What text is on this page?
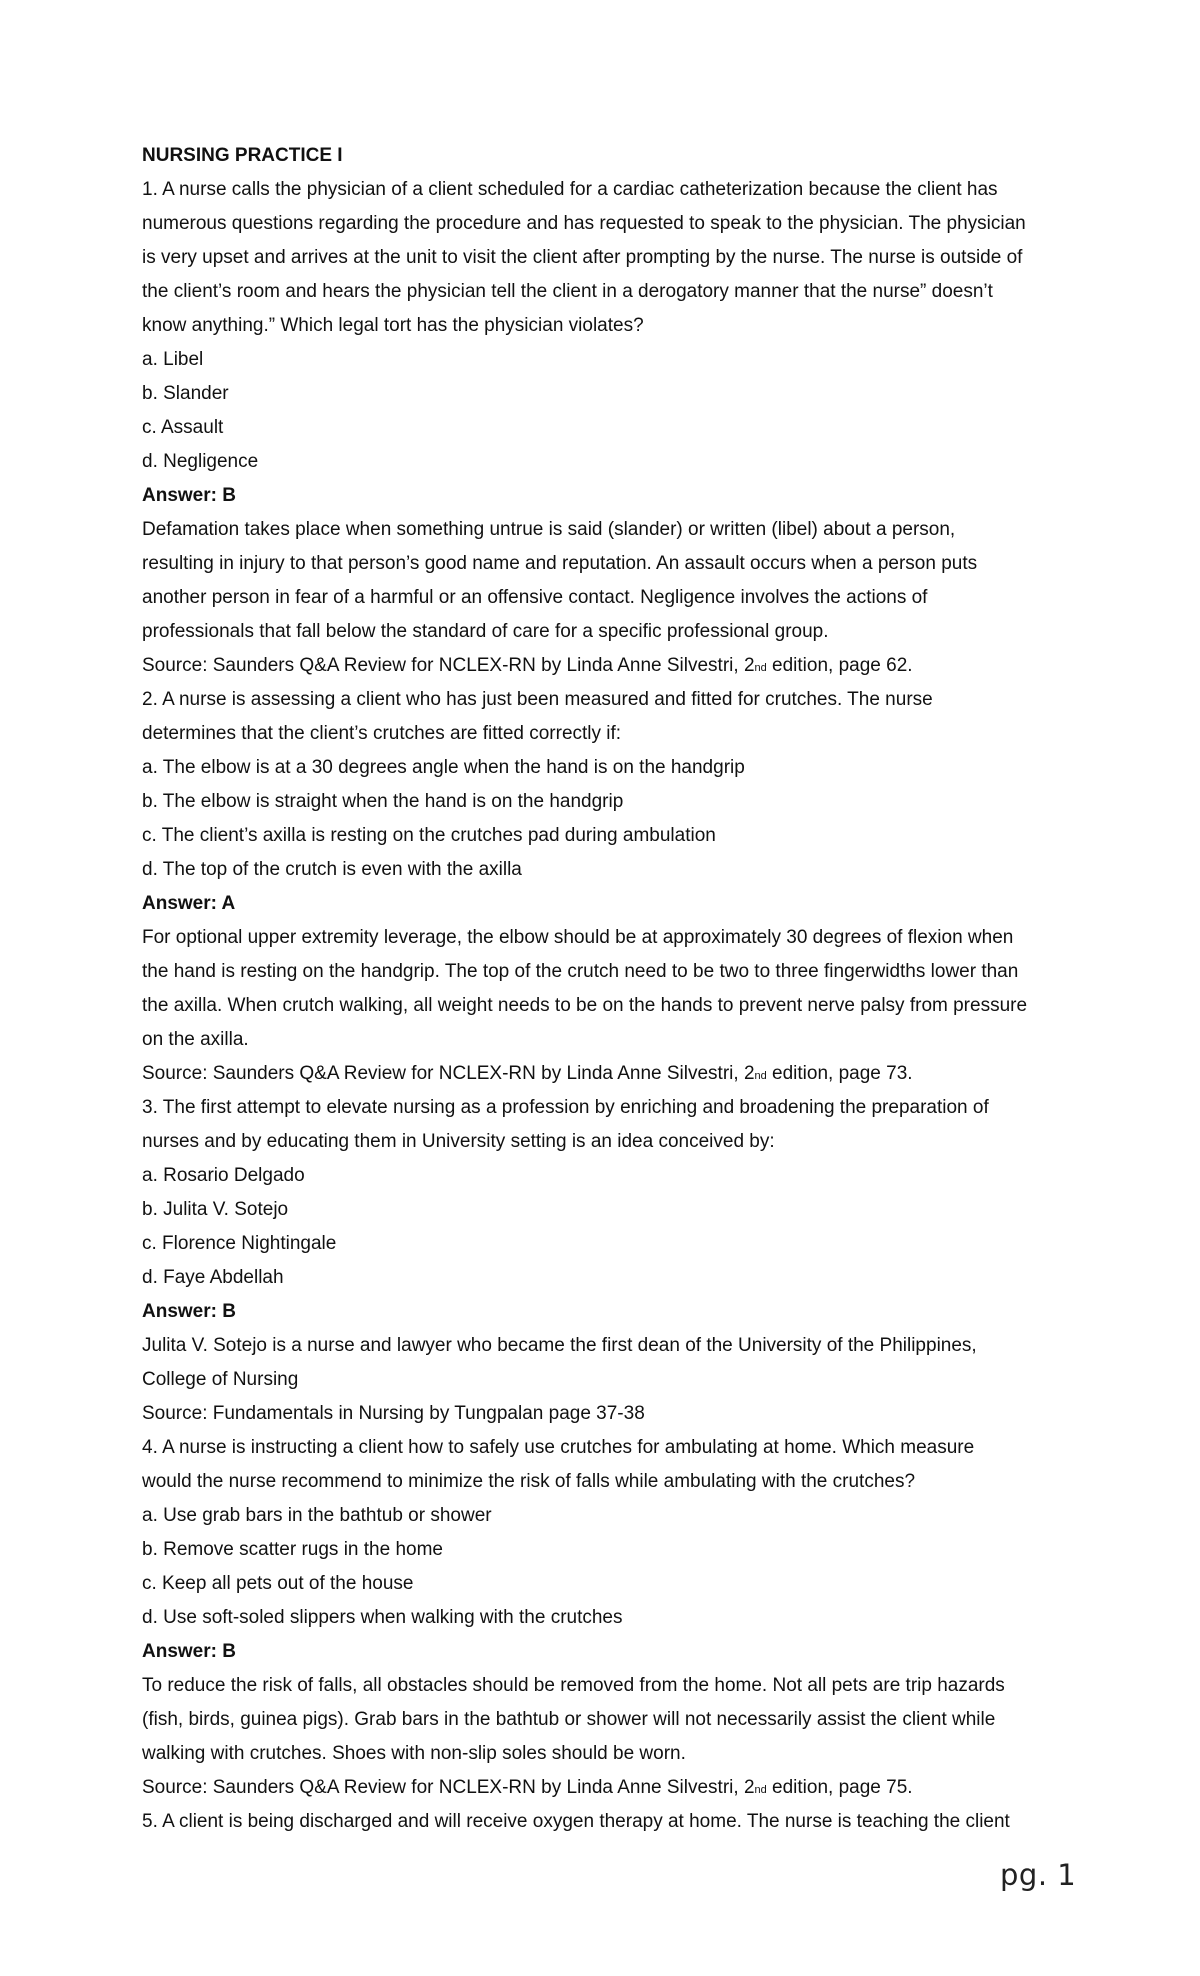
NURSING PRACTICE I
1. A nurse calls the physician of a client scheduled for a cardiac catheterization because the client has
numerous questions regarding the procedure and has requested to speak to the physician. The physician
is very upset and arrives at the unit to visit the client after prompting by the nurse. The nurse is outside of
the client’s room and hears the physician tell the client in a derogatory manner that the nurse” doesn’t
know anything.” Which legal tort has the physician violates?
a. Libel
b. Slander
c. Assault
d. Negligence
Answer: B
Defamation takes place when something untrue is said (slander) or written (libel) about a person,
resulting in injury to that person’s good name and reputation. An assault occurs when a person puts
another person in fear of a harmful or an offensive contact. Negligence involves the actions of
professionals that fall below the standard of care for a specific professional group.
Source: Saunders Q&A Review for NCLEX-RN by Linda Anne Silvestri, 2nd edition, page 62.
2. A nurse is assessing a client who has just been measured and fitted for crutches. The nurse
determines that the client’s crutches are fitted correctly if:
a. The elbow is at a 30 degrees angle when the hand is on the handgrip
b. The elbow is straight when the hand is on the handgrip
c. The client’s axilla is resting on the crutches pad during ambulation
d. The top of the crutch is even with the axilla
Answer: A
For optional upper extremity leverage, the elbow should be at approximately 30 degrees of flexion when
the hand is resting on the handgrip. The top of the crutch need to be two to three fingerwidths lower than
the axilla. When crutch walking, all weight needs to be on the hands to prevent nerve palsy from pressure
on the axilla.
Source: Saunders Q&A Review for NCLEX-RN by Linda Anne Silvestri, 2nd edition, page 73.
3. The first attempt to elevate nursing as a profession by enriching and broadening the preparation of
nurses and by educating them in University setting is an idea conceived by:
a. Rosario Delgado
b. Julita V. Sotejo
c. Florence Nightingale
d. Faye Abdellah
Answer: B
Julita V. Sotejo is a nurse and lawyer who became the first dean of the University of the Philippines,
College of Nursing
Source: Fundamentals in Nursing by Tungpalan page 37-38
4. A nurse is instructing a client how to safely use crutches for ambulating at home. Which measure
would the nurse recommend to minimize the risk of falls while ambulating with the crutches?
a. Use grab bars in the bathtub or shower
b. Remove scatter rugs in the home
c. Keep all pets out of the house
d. Use soft-soled slippers when walking with the crutches
Answer: B
To reduce the risk of falls, all obstacles should be removed from the home. Not all pets are trip hazards
(fish, birds, guinea pigs). Grab bars in the bathtub or shower will not necessarily assist the client while
walking with crutches. Shoes with non-slip soles should be worn.
Source: Saunders Q&A Review for NCLEX-RN by Linda Anne Silvestri, 2nd edition, page 75.
5. A client is being discharged and will receive oxygen therapy at home. The nurse is teaching the client
pg. 1
